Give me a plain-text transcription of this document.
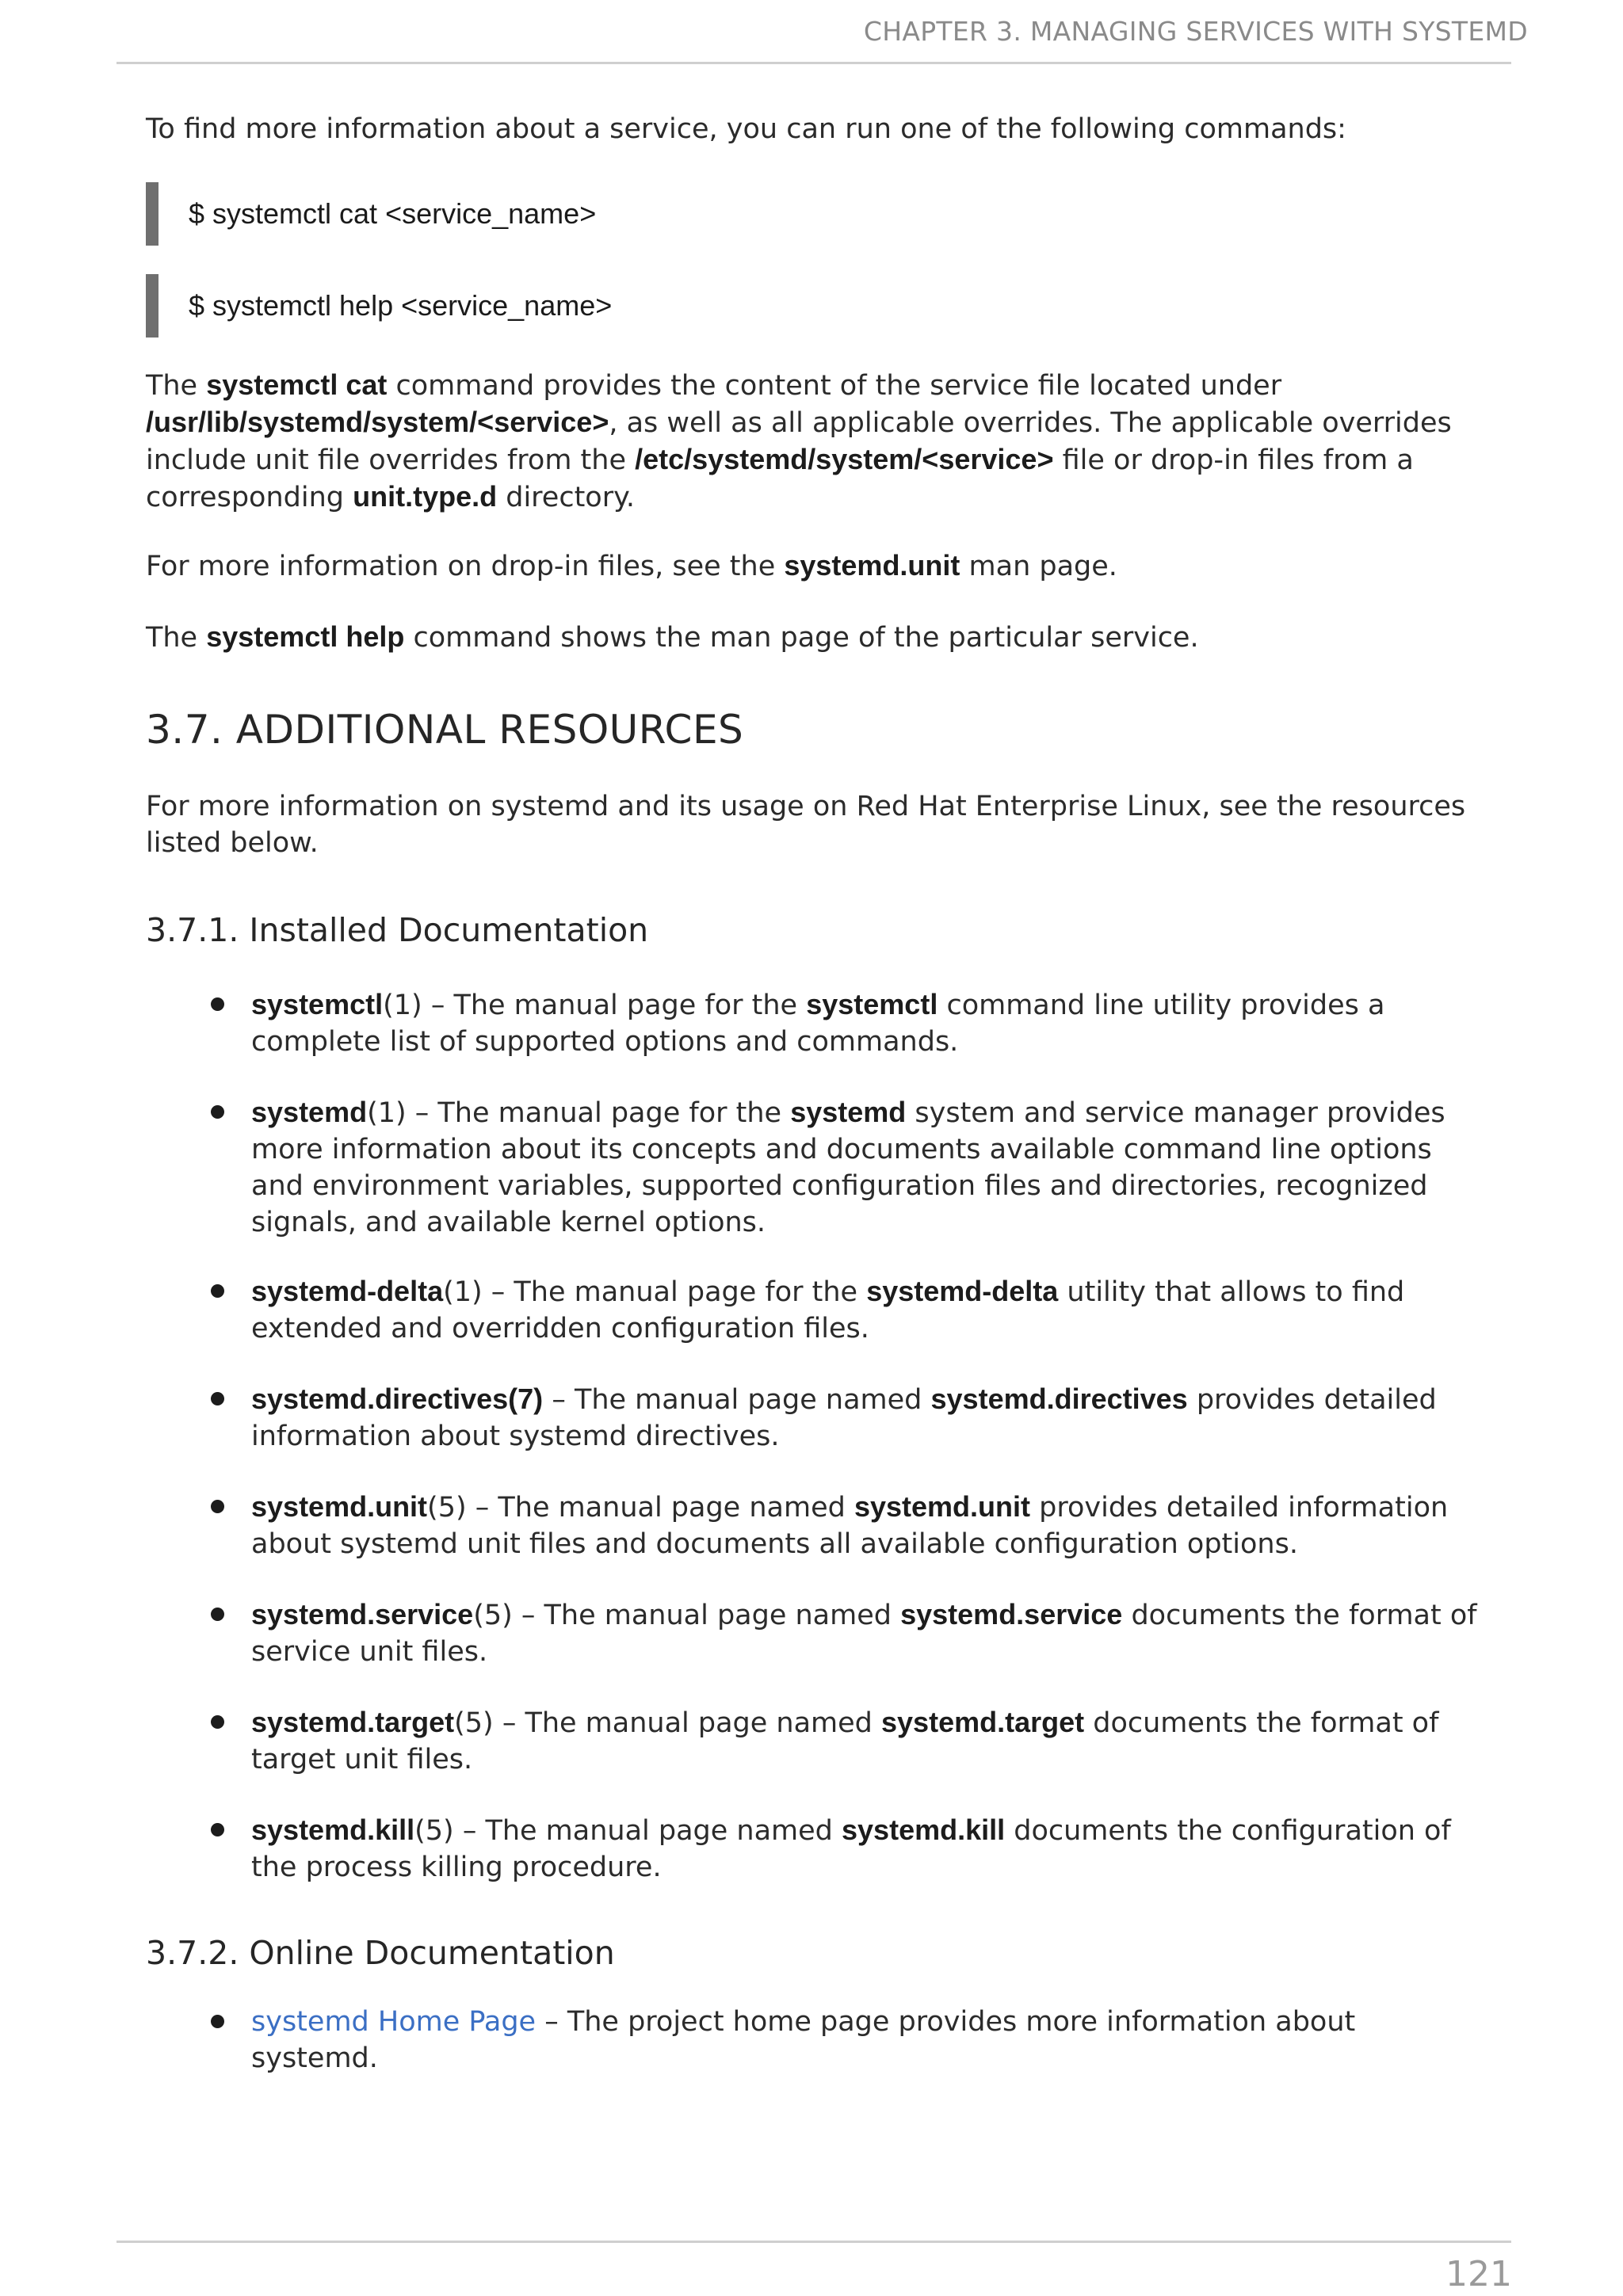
CHAPTER 3. MANAGING SERVICES WITH SYSTEMD

To find more information about a service, you can run one of the following commands:

$ systemctl cat <service_name>
$ systemctl help <service_name>

The systemctl cat command provides the content of the service file located under /usr/lib/systemd/system/<service>, as well as all applicable overrides. The applicable overrides include unit file overrides from the /etc/systemd/system/<service> file or drop-in files from a corresponding unit.type.d directory.

For more information on drop-in files, see the systemd.unit man page.

The systemctl help command shows the man page of the particular service.

3.7. ADDITIONAL RESOURCES

For more information on systemd and its usage on Red Hat Enterprise Linux, see the resources listed below.

3.7.1. Installed Documentation
systemctl(1) – The manual page for the systemctl command line utility provides a complete list of supported options and commands.
systemd(1) – The manual page for the systemd system and service manager provides more information about its concepts and documents available command line options and environment variables, supported configuration files and directories, recognized signals, and available kernel options.
systemd-delta(1) – The manual page for the systemd-delta utility that allows to find extended and overridden configuration files.
systemd.directives(7) – The manual page named systemd.directives provides detailed information about systemd directives.
systemd.unit(5) – The manual page named systemd.unit provides detailed information about systemd unit files and documents all available configuration options.
systemd.service(5) – The manual page named systemd.service documents the format of service unit files.
systemd.target(5) – The manual page named systemd.target documents the format of target unit files.
systemd.kill(5) – The manual page named systemd.kill documents the configuration of the process killing procedure.
3.7.2. Online Documentation
systemd Home Page – The project home page provides more information about systemd.
121
